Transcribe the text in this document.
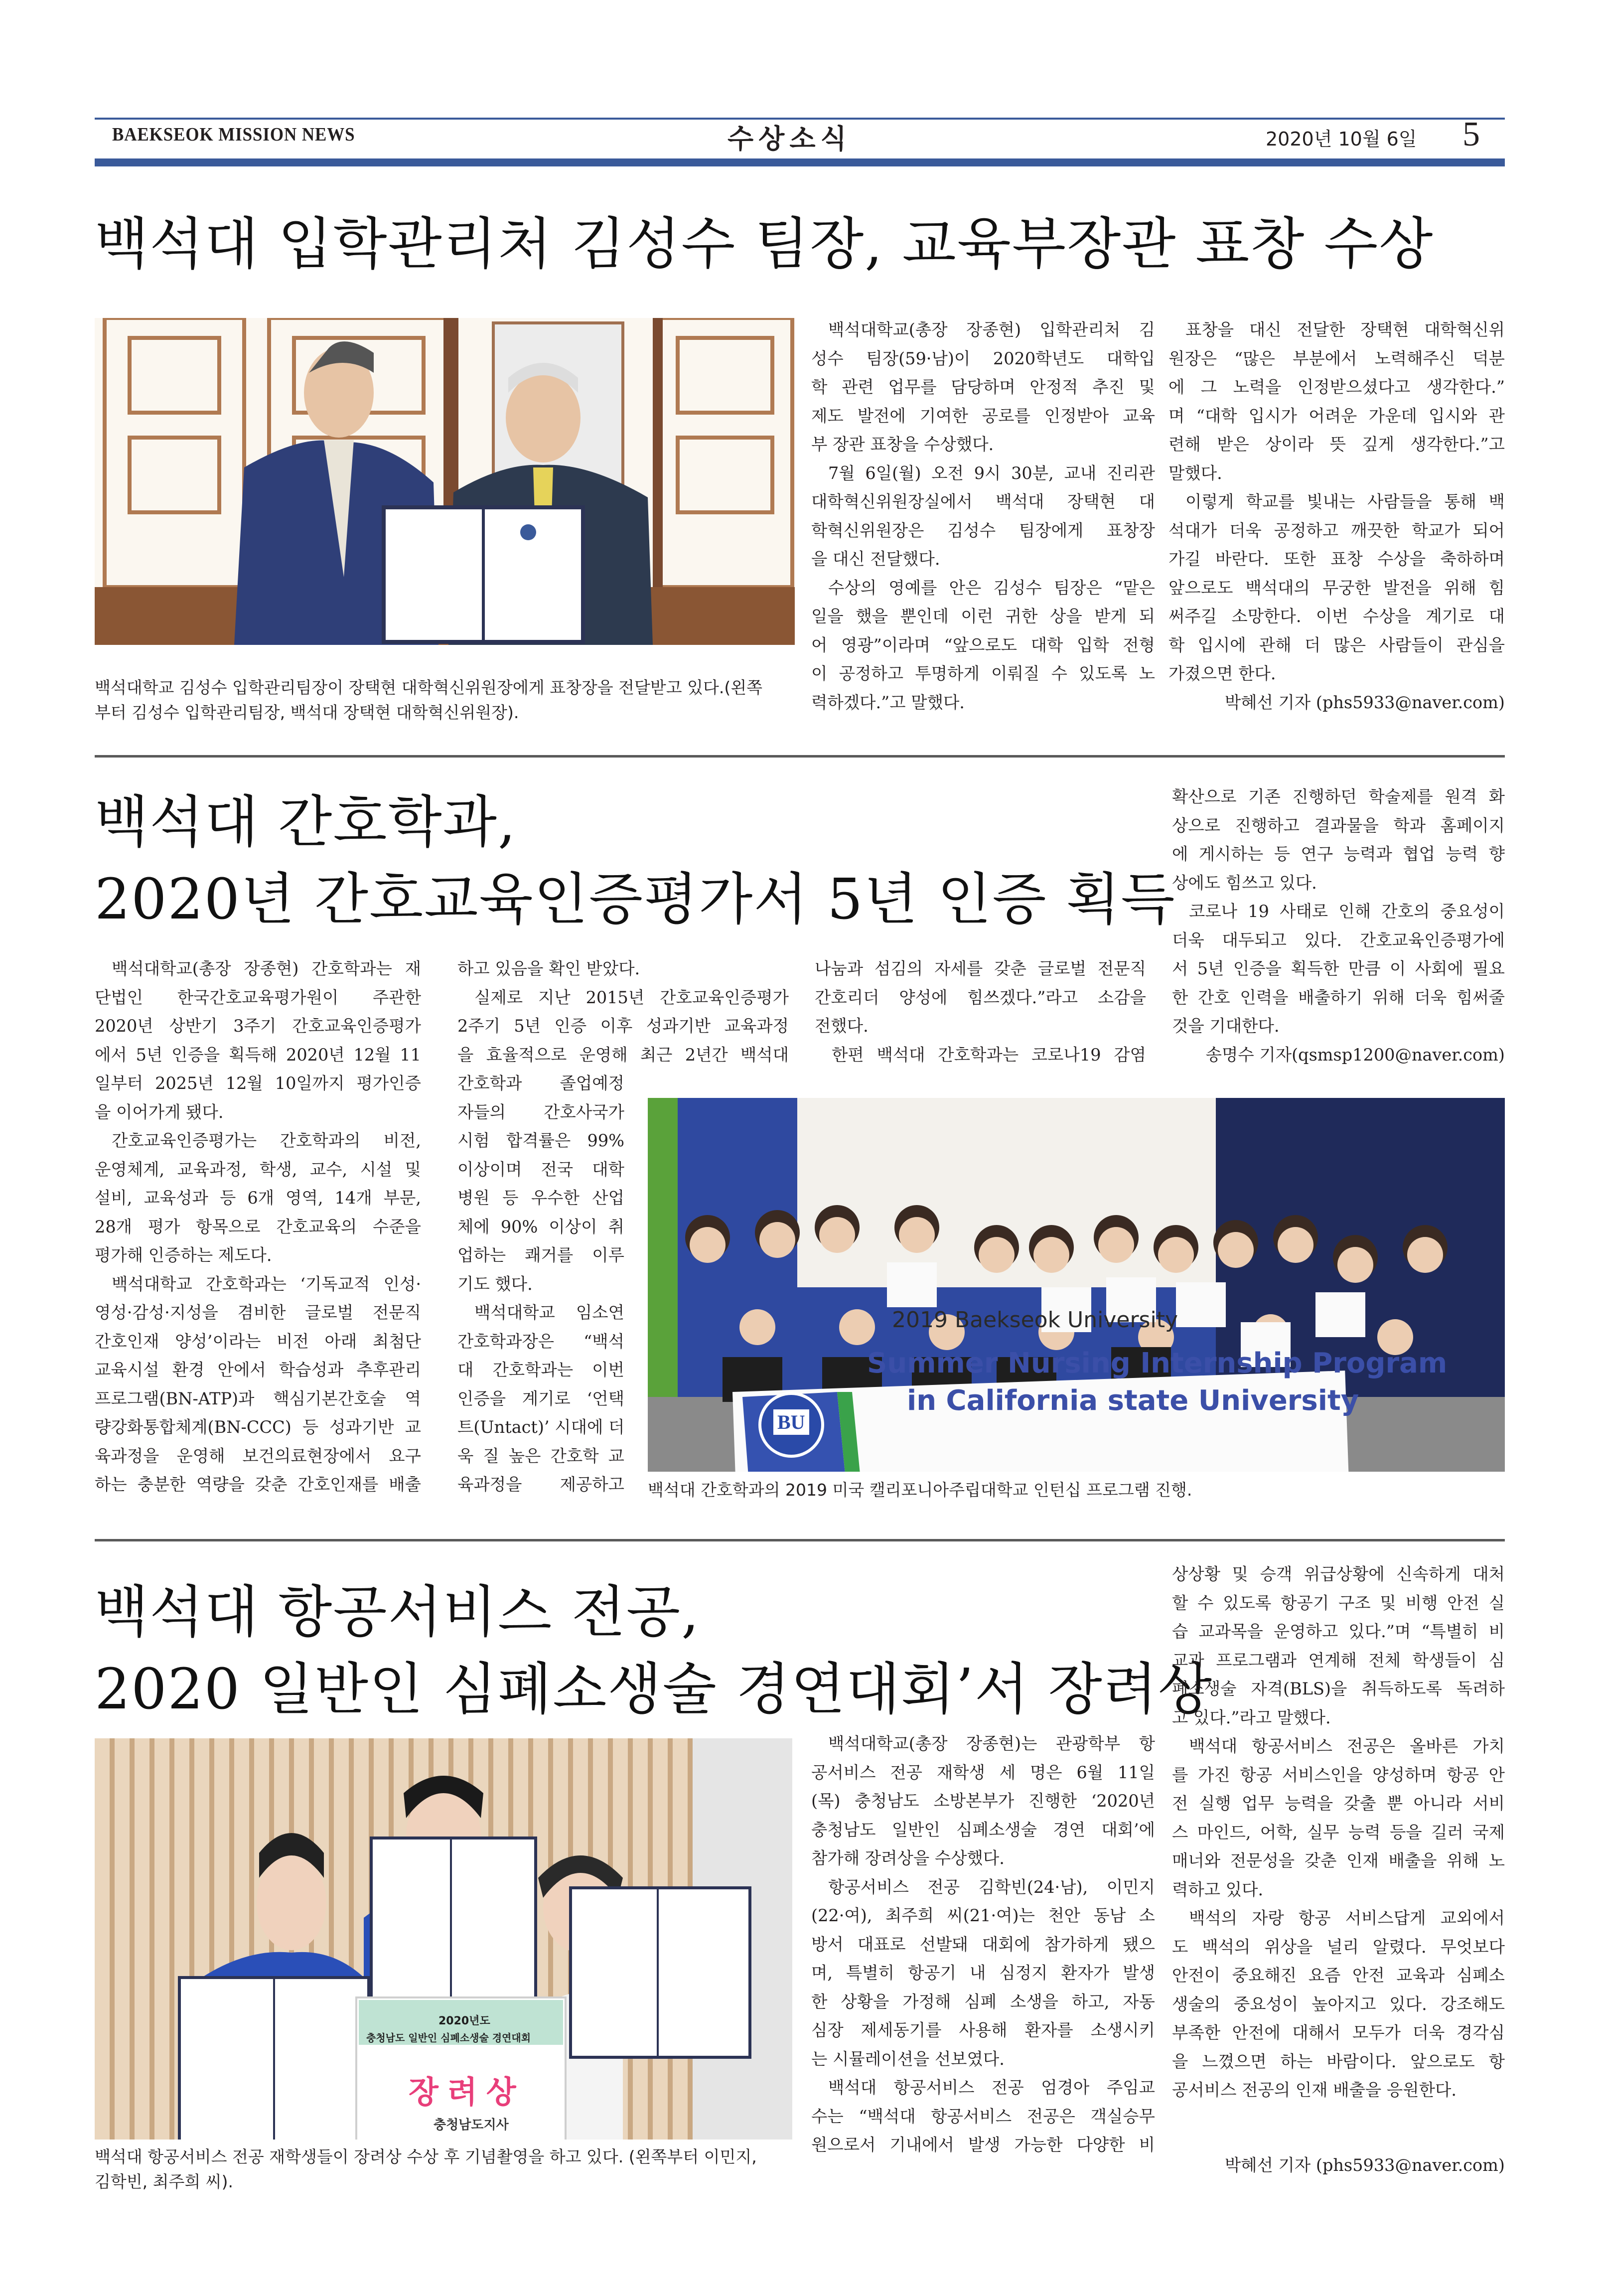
BAEKSEOK MISSION NEWS	수상소식	2020년 10월 6일 5
백석대 입학관리처 김성수 팀장, 교육부장관 표창 수상
백석대학교 김성수 입학관리팀장이 장택현 대학혁신위원장에게 표창장을 전달받고 있다.(왼쪽
부터 김성수 입학관리팀장, 백석대 장택현 대학혁신위원장).
백석대학교(총장 장종현) 입학관리처 김
성수 팀장(59·남)이 2020학년도 대학입
학 관련 업무를 담당하며 안정적 추진 및
제도 발전에 기여한 공로를 인정받아 교육
부 장관 표창을 수상했다.
7월 6일(월) 오전 9시 30분, 교내 진리관
대학혁신위원장실에서 백석대 장택현 대
학혁신위원장은 김성수 팀장에게 표창장
을 대신 전달했다.
수상의 영예를 안은 김성수 팀장은 “맡은
일을 했을 뿐인데 이런 귀한 상을 받게 되
어 영광”이라며 “앞으로도 대학 입학 전형
이 공정하고 투명하게 이뤄질 수 있도록 노
력하겠다.”고 말했다.
표창을 대신 전달한 장택현 대학혁신위
원장은 “많은 부분에서 노력해주신 덕분
에 그 노력을 인정받으셨다고 생각한다.”
며 “대학 입시가 어려운 가운데 입시와 관
련해 받은 상이라 뜻 깊게 생각한다.”고
말했다.
이렇게 학교를 빛내는 사람들을 통해 백
석대가 더욱 공정하고 깨끗한 학교가 되어
가길 바란다. 또한 표창 수상을 축하하며
앞으로도 백석대의 무궁한 발전을 위해 힘
써주길 소망한다. 이번 수상을 계기로 대
학 입시에 관해 더 많은 사람들이 관심을
가졌으면 한다.
박혜선 기자 (phs5933@naver.com)
백석대 간호학과,
2020년 간호교육인증평가서 5년 인증 획득
백석대학교(총장 장종현) 간호학과는 재
단법인 한국간호교육평가원이 주관한
2020년 상반기 3주기 간호교육인증평가
에서 5년 인증을 획득해 2020년 12월 11
일부터 2025년 12월 10일까지 평가인증
을 이어가게 됐다.
간호교육인증평가는 간호학과의 비전,
운영체계, 교육과정, 학생, 교수, 시설 및
설비, 교육성과 등 6개 영역, 14개 부문,
28개 평가 항목으로 간호교육의 수준을
평가해 인증하는 제도다.
백석대학교 간호학과는 ‘기독교적 인성·
영성·감성·지성을 겸비한 글로벌 전문직
간호인재 양성’이라는 비전 아래 최첨단
교육시설 환경 안에서 학습성과 추후관리
프로그램(BN-ATP)과 핵심기본간호술 역
량강화통합체계(BN-CCC) 등 성과기반 교
육과정을 운영해 보건의료현장에서 요구
하는 충분한 역량을 갖춘 간호인재를 배출
하고 있음을 확인 받았다.
실제로 지난 2015년 간호교육인증평가
2주기 5년 인증 이후 성과기반 교육과정
을 효율적으로 운영해 최근 2년간 백석대
간호학과 졸업예정
자들의 간호사국가
시험 합격률은 99%
이상이며 전국 대학
병원 등 우수한 산업
체에 90% 이상이 취
업하는 쾌거를 이루
기도 했다.
백석대학교 임소연
간호학과장은 “백석
대 간호학과는 이번
인증을 계기로 ‘언택
트(Untact)’ 시대에 더
욱 질 높은 간호학 교
육과정을 제공하고
나눔과 섬김의 자세를 갖춘 글로벌 전문직
간호리더 양성에 힘쓰겠다.”라고 소감을
전했다.
한편 백석대 간호학과는 코로나19 감염
확산으로 기존 진행하던 학술제를 원격 화
상으로 진행하고 결과물을 학과 홈페이지
에 게시하는 등 연구 능력과 협업 능력 향
상에도 힘쓰고 있다.
코로나 19 사태로 인해 간호의 중요성이
더욱 대두되고 있다. 간호교육인증평가에
서 5년 인증을 획득한 만큼 이 사회에 필요
한 간호 인력을 배출하기 위해 더욱 힘써줄
것을 기대한다.
송명수 기자(qsmsp1200@naver.com)
BU
2019 Baekseok University
Summer Nursing Internship Program
in California state University
백석대 간호학과의 2019 미국 캘리포니아주립대학교 인턴십 프로그램 진행.
백석대 항공서비스 전공,
2020 일반인 심폐소생술 경연대회’서 장려상
2020년도
충청남도 일반인 심폐소생술 경연대회
장려상
충청남도지사
백석대 항공서비스 전공 재학생들이 장려상 수상 후 기념촬영을 하고 있다. (왼쪽부터 이민지,
김학빈, 최주희 씨).
백석대학교(총장 장종현)는 관광학부 항
공서비스 전공 재학생 세 명은 6월 11일
(목) 충청남도 소방본부가 진행한 ‘2020년
충청남도 일반인 심폐소생술 경연 대회’에
참가해 장려상을 수상했다.
항공서비스 전공 김학빈(24·남), 이민지
(22·여), 최주희 씨(21·여)는 천안 동남 소
방서 대표로 선발돼 대회에 참가하게 됐으
며, 특별히 항공기 내 심정지 환자가 발생
한 상황을 가정해 심폐 소생을 하고, 자동
심장 제세동기를 사용해 환자를 소생시키
는 시뮬레이션을 선보였다.
백석대 항공서비스 전공 엄경아 주임교
수는 “백석대 항공서비스 전공은 객실승무
원으로서 기내에서 발생 가능한 다양한 비
상상황 및 승객 위급상황에 신속하게 대처
할 수 있도록 항공기 구조 및 비행 안전 실
습 교과목을 운영하고 있다.”며 “특별히 비
교과 프로그램과 연계해 전체 학생들이 심
폐소생술 자격(BLS)을 취득하도록 독려하
고 있다.”라고 말했다.
백석대 항공서비스 전공은 올바른 가치
를 가진 항공 서비스인을 양성하며 항공 안
전 실행 업무 능력을 갖출 뿐 아니라 서비
스 마인드, 어학, 실무 능력 등을 길러 국제
매너와 전문성을 갖춘 인재 배출을 위해 노
력하고 있다.
백석의 자랑 항공 서비스답게 교외에서
도 백석의 위상을 널리 알렸다. 무엇보다
안전이 중요해진 요즘 안전 교육과 심폐소
생술의 중요성이 높아지고 있다. 강조해도
부족한 안전에 대해서 모두가 더욱 경각심
을 느꼈으면 하는 바람이다. 앞으로도 항
공서비스 전공의 인재 배출을 응원한다.
박혜선 기자 (phs5933@naver.com)
